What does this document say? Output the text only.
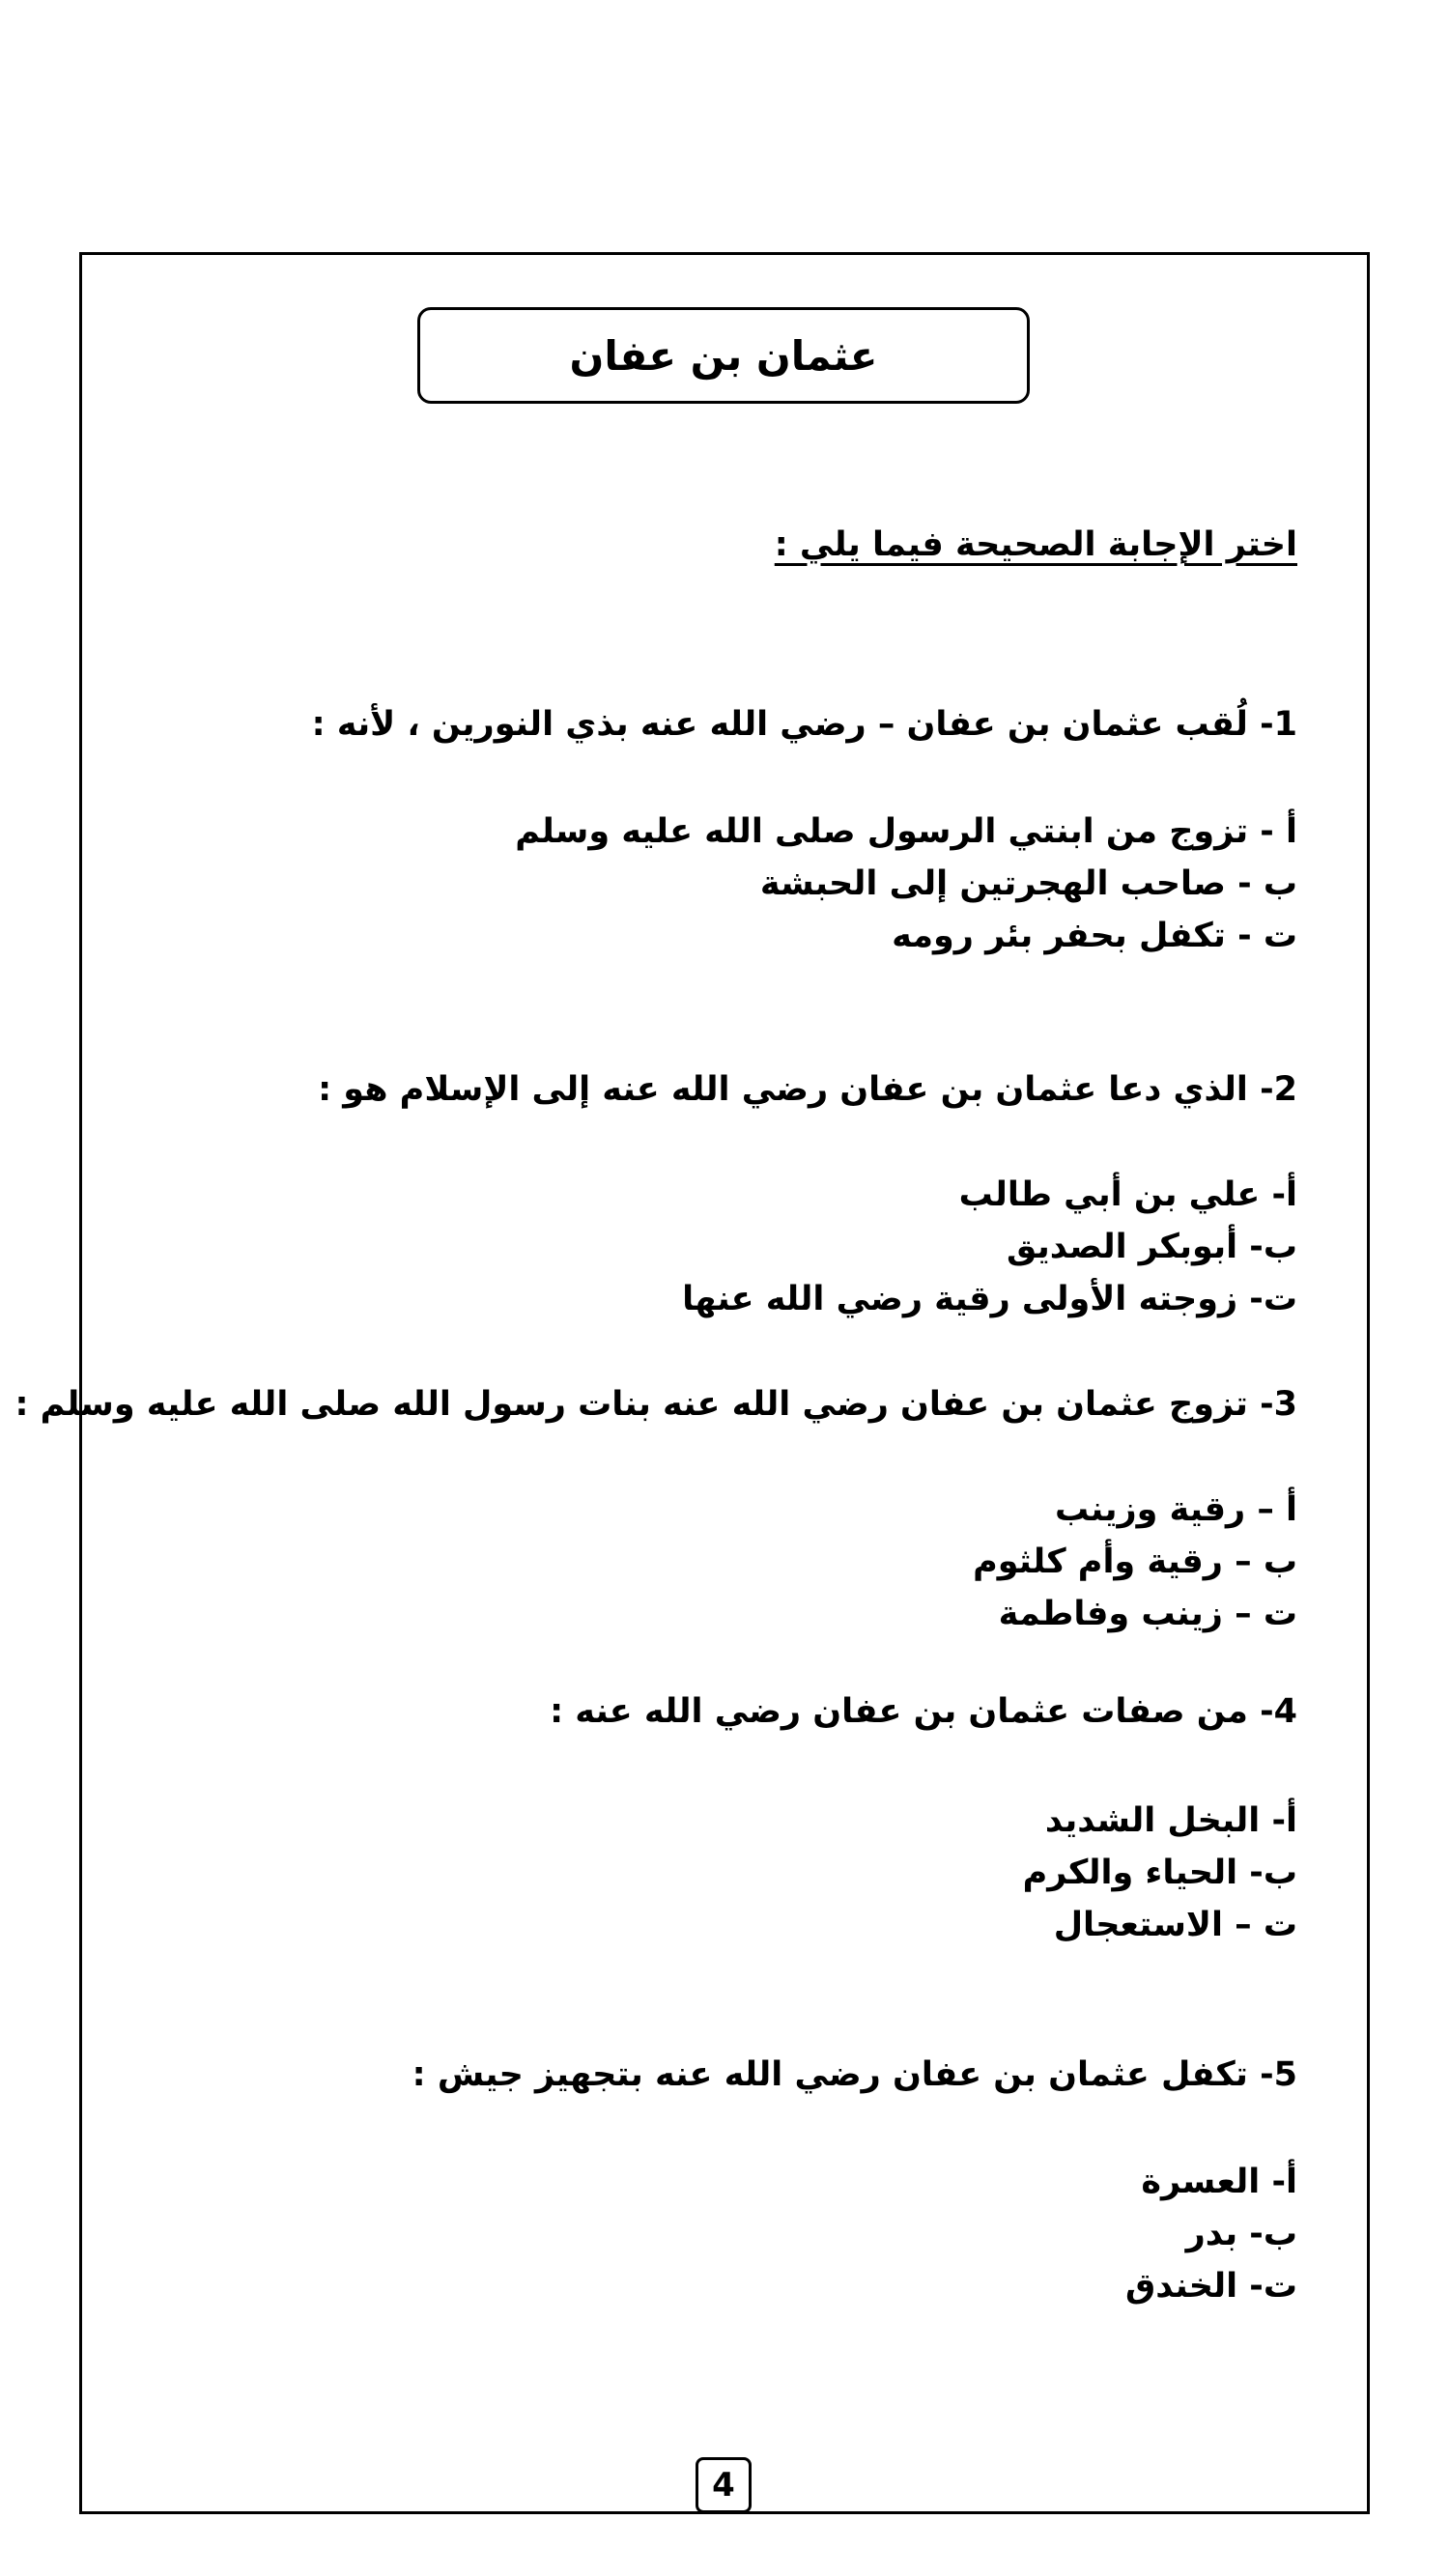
عثمان بن عفان
اختر الإجابة الصحيحة فيما يلي :
1- لُقب عثمان بن عفان – رضي الله عنه بذي النورين ، لأنه :
أ - تزوج من ابنتي الرسول صلى الله عليه وسلم
ب - صاحب الهجرتين إلى الحبشة
ت - تكفل بحفر بئر رومه
2- الذي دعا عثمان بن عفان رضي الله عنه إلى الإسلام هو :
أ- علي بن أبي طالب
ب- أبوبكر الصديق
ت- زوجته الأولى رقية رضي الله عنها
3- تزوج عثمان بن عفان رضي الله عنه بنات رسول الله صلى الله عليه وسلم :
أ – رقية وزينب
ب – رقية وأم كلثوم
ت – زينب وفاطمة
4- من صفات عثمان بن عفان رضي الله عنه :
أ- البخل الشديد
ب- الحياء والكرم
ت – الاستعجال
5- تكفل عثمان بن عفان رضي الله عنه بتجهيز جيش :
أ- العسرة
ب- بدر
ت- الخندق
4
